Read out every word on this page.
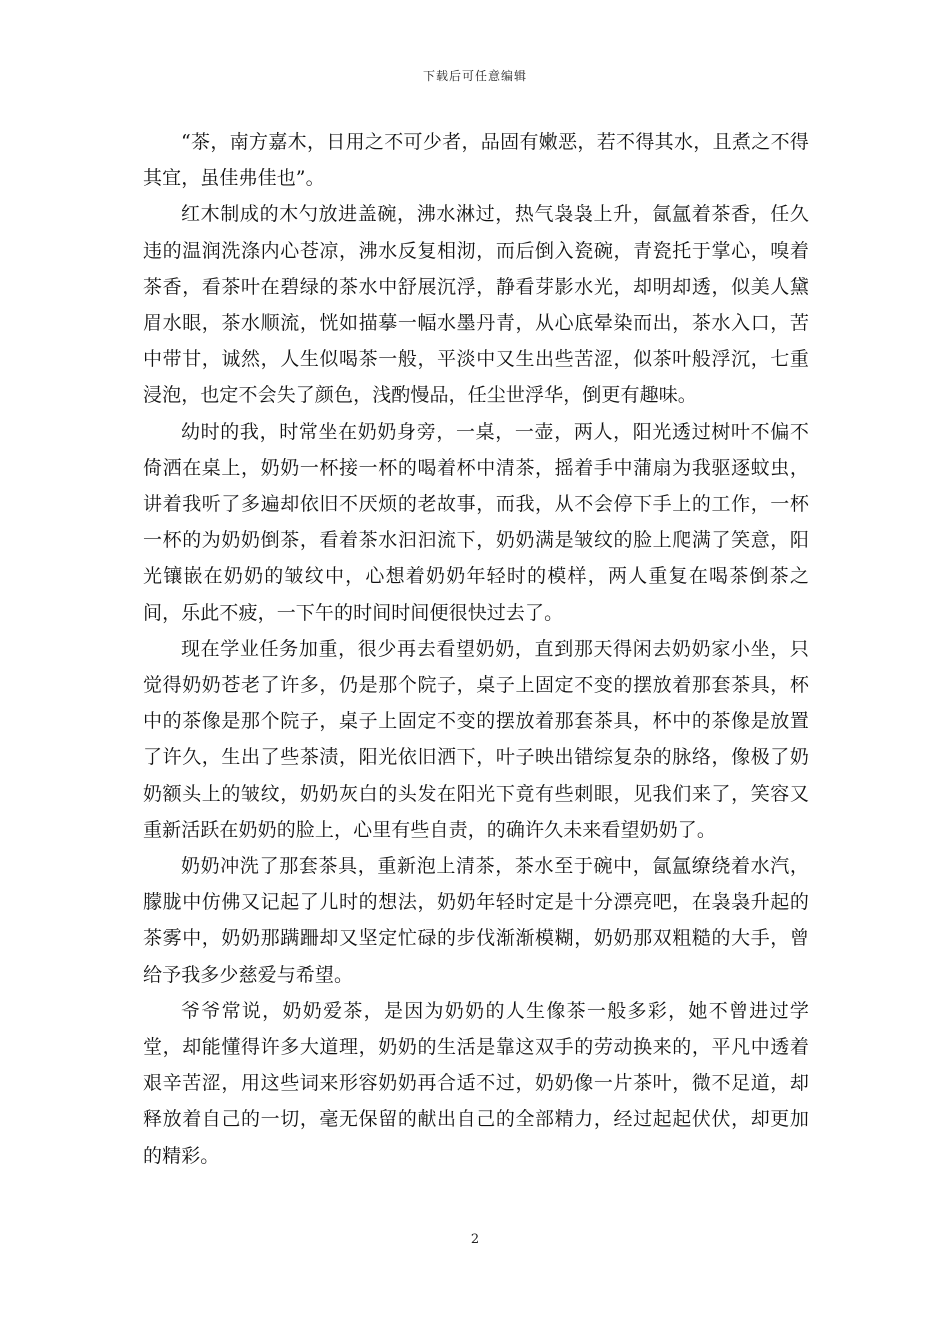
下载后可任意编辑

“茶，南方嘉木，日用之不可少者，品固有嫩恶，若不得其水，且煮之不得其宜，虽佳弗佳也”。

红木制成的木勺放进盖碗，沸水淋过，热气袅袅上升，氤氲着茶香，任久违的温润洗涤内心苍凉，沸水反复相沏，而后倒入瓷碗，青瓷托于掌心，嗅着茶香，看茶叶在碧绿的茶水中舒展沉浮，静看芽影水光，却明却透，似美人黛眉水眼，茶水顺流，恍如描摹一幅水墨丹青，从心底晕染而出，茶水入口，苦中带甘，诚然，人生似喝茶一般，平淡中又生出些苦涩，似茶叶般浮沉，七重浸泡，也定不会失了颜色，浅酌慢品，任尘世浮华，倒更有趣味。

幼时的我，时常坐在奶奶身旁，一桌，一壶，两人，阳光透过树叶不偏不倚洒在桌上，奶奶一杯接一杯的喝着杯中清茶，摇着手中蒲扇为我驱逐蚊虫，讲着我听了多遍却依旧不厌烦的老故事，而我，从不会停下手上的工作，一杯一杯的为奶奶倒茶，看着茶水汩汩流下，奶奶满是皱纹的脸上爬满了笑意，阳光镶嵌在奶奶的皱纹中，心想着奶奶年轻时的模样，两人重复在喝茶倒茶之间，乐此不疲，一下午的时间时间便很快过去了。

现在学业任务加重，很少再去看望奶奶，直到那天得闲去奶奶家小坐，只觉得奶奶苍老了许多，仍是那个院子，桌子上固定不变的摆放着那套茶具，杯中的茶像是那个院子，桌子上固定不变的摆放着那套茶具，杯中的茶像是放置了许久，生出了些茶渍，阳光依旧洒下，叶子映出错综复杂的脉络，像极了奶奶额头上的皱纹，奶奶灰白的头发在阳光下竟有些刺眼，见我们来了，笑容又重新活跃在奶奶的脸上，心里有些自责，的确许久未来看望奶奶了。

奶奶冲洗了那套茶具，重新泡上清茶，茶水至于碗中，氤氲缭绕着水汽，朦胧中仿佛又记起了儿时的想法，奶奶年轻时定是十分漂亮吧，在袅袅升起的茶雾中，奶奶那蹒跚却又坚定忙碌的步伐渐渐模糊，奶奶那双粗糙的大手，曾给予我多少慈爱与希望。

爷爷常说，奶奶爱茶，是因为奶奶的人生像茶一般多彩，她不曾进过学堂，却能懂得许多大道理，奶奶的生活是靠这双手的劳动换来的，平凡中透着艰辛苦涩，用这些词来形容奶奶再合适不过，奶奶像一片茶叶，微不足道，却释放着自己的一切，毫无保留的献出自己的全部精力，经过起起伏伏，却更加的精彩。

2
